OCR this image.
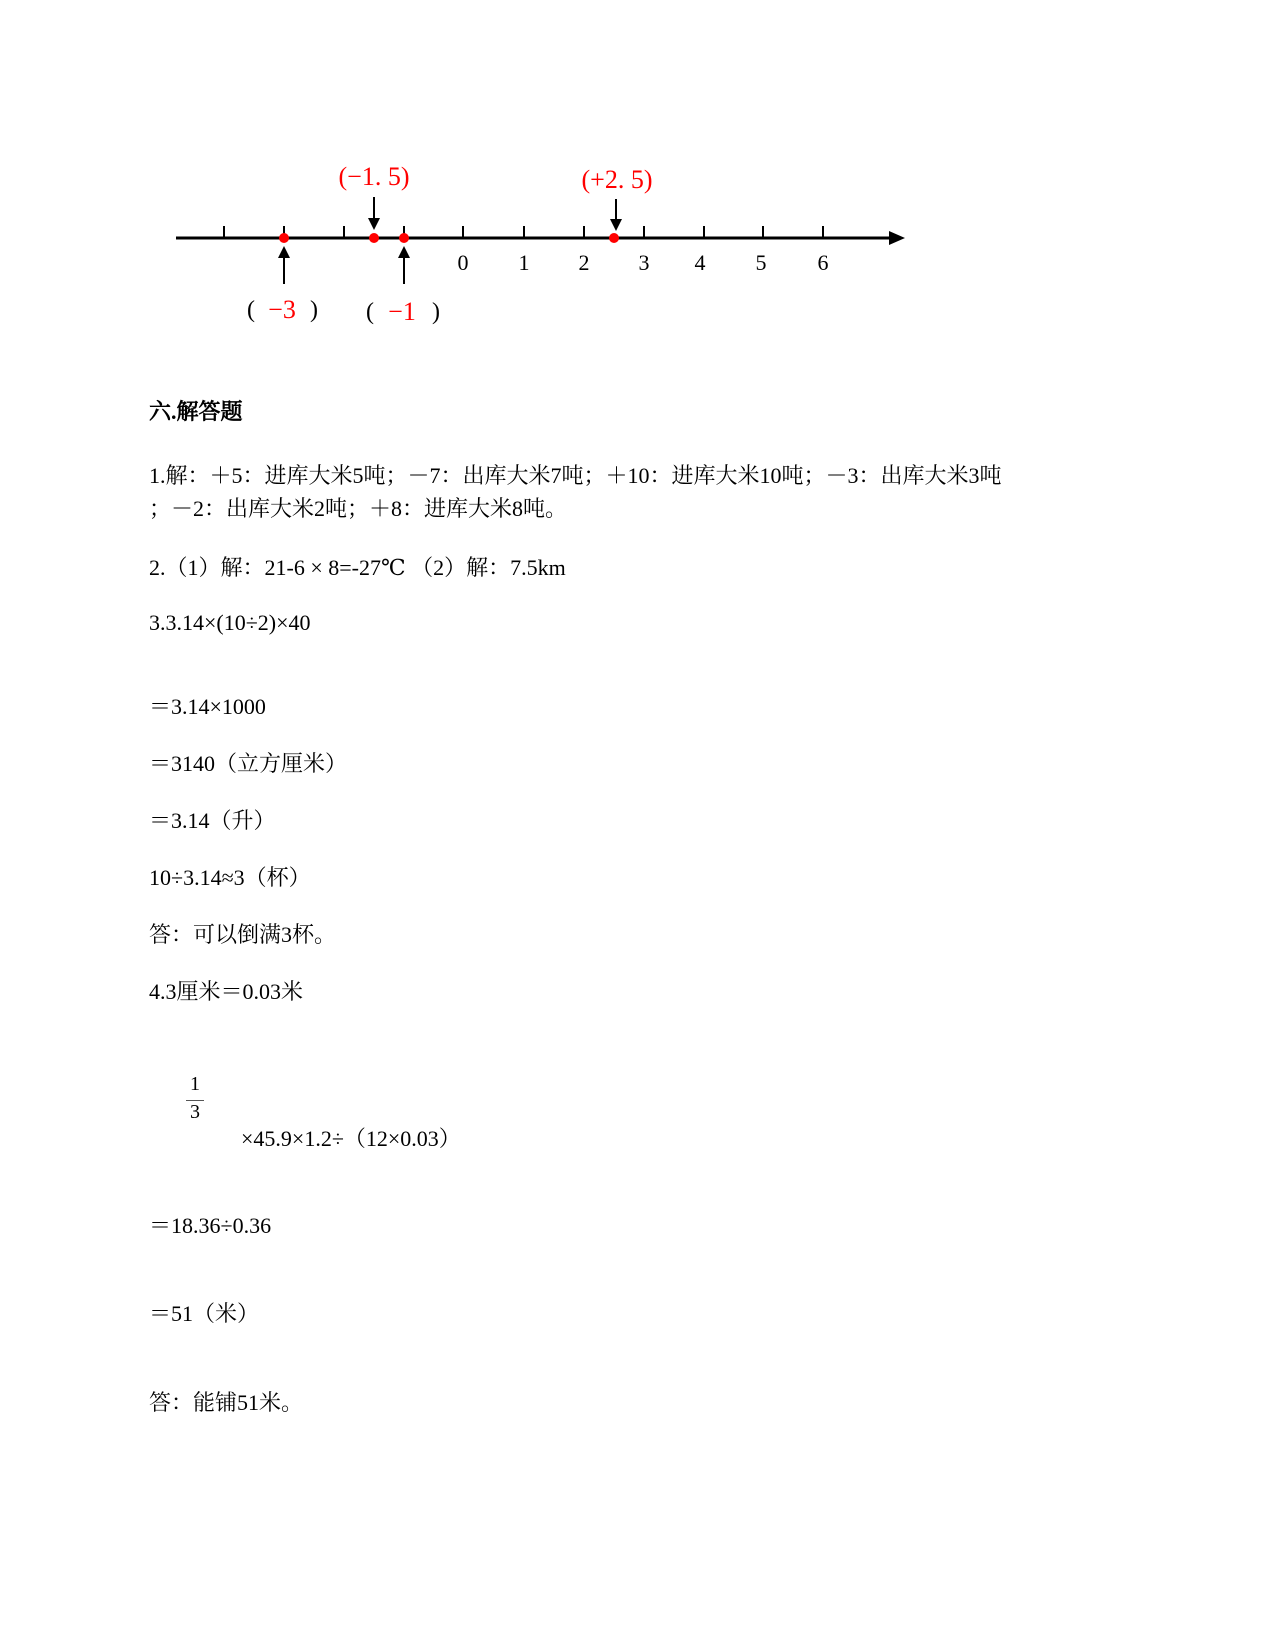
0 1 2 3 4 5 6
(−1. 5)	(+2. 5)
( −3 ) ( −1 )
六.解答题
1.解：＋5：进库大米5吨；－7：出库大米7吨；＋10：进库大米10吨；－3：出库大米3吨
；－2：出库大米2吨；＋8：进库大米8吨。
2.（1）解：21-6 × 8=-27℃ （2）解：7.5km
3.3.14×(10÷2)×40
＝3.14×1000
＝3140（立方厘米）
＝3.14（升）
10÷3.14≈3（杯）
答：可以倒满3杯。
4.3厘米＝0.03米
1
3
×45.9×1.2÷（12×0.03）
＝18.36÷0.36
＝51（米）
答：能铺51米。
